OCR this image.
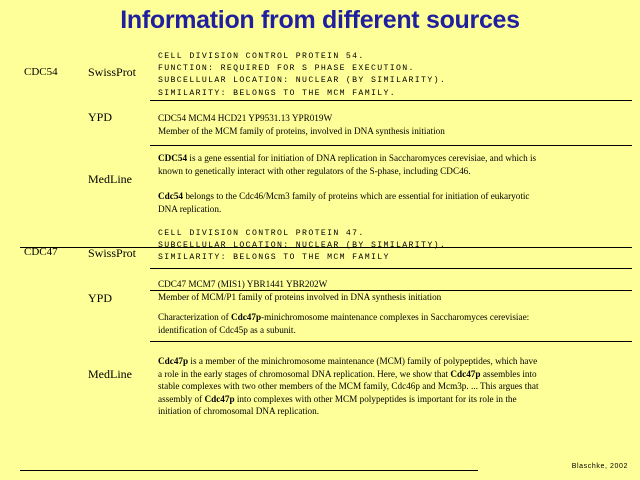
Information from different sources
CDC54	SwissProt
CELL DIVISION CONTROL PROTEIN 54.
FUNCTION: REQUIRED FOR S PHASE EXECUTION.
SUBCELLULAR LOCATION: NUCLEAR (BY SIMILARITY).
SIMILARITY: BELONGS TO THE MCM FAMILY.
YPD	CDC54 MCM4 HCD21 YP9531.13 YPR019W
Member of the MCM family of proteins, involved in DNA synthesis initiation
MedLine
CDC54 is a gene essential for initiation of DNA replication in Saccharomyces cerevisiae, and which is
known to genetically interact with other regulators of the S-phase, including CDC46.
Cdc54 belongs to the Cdc46/Mcm3 family of proteins which are essential for initiation of eukaryotic
DNA replication.
CDC47	SwissProt
CELL DIVISION CONTROL PROTEIN 47.
SUBCELLULAR LOCATION: NUCLEAR (BY SIMILARITY).
SIMILARITY: BELONGS TO THE MCM FAMILY
YPD
CDC47 MCM7 (MIS1) YBR1441 YBR202W
Member of MCM/P1 family of proteins involved in DNA synthesis initiation
Characterization of Cdc47p-minichromosome maintenance complexes in Saccharomyces cerevisiae:
identification of Cdc45p as a subunit.
MedLine
Cdc47p is a member of the minichromosome maintenance (MCM) family of polypeptides, which have
a role in the early stages of chromosomal DNA replication. Here, we show that Cdc47p assembles into
stable complexes with two other members of the MCM family, Cdc46p and Mcm3p. ... This argues that
assembly of Cdc47p into complexes with other MCM polypeptides is important for its role in the
initiation of chromosomal DNA replication.
Blaschke, 2002
